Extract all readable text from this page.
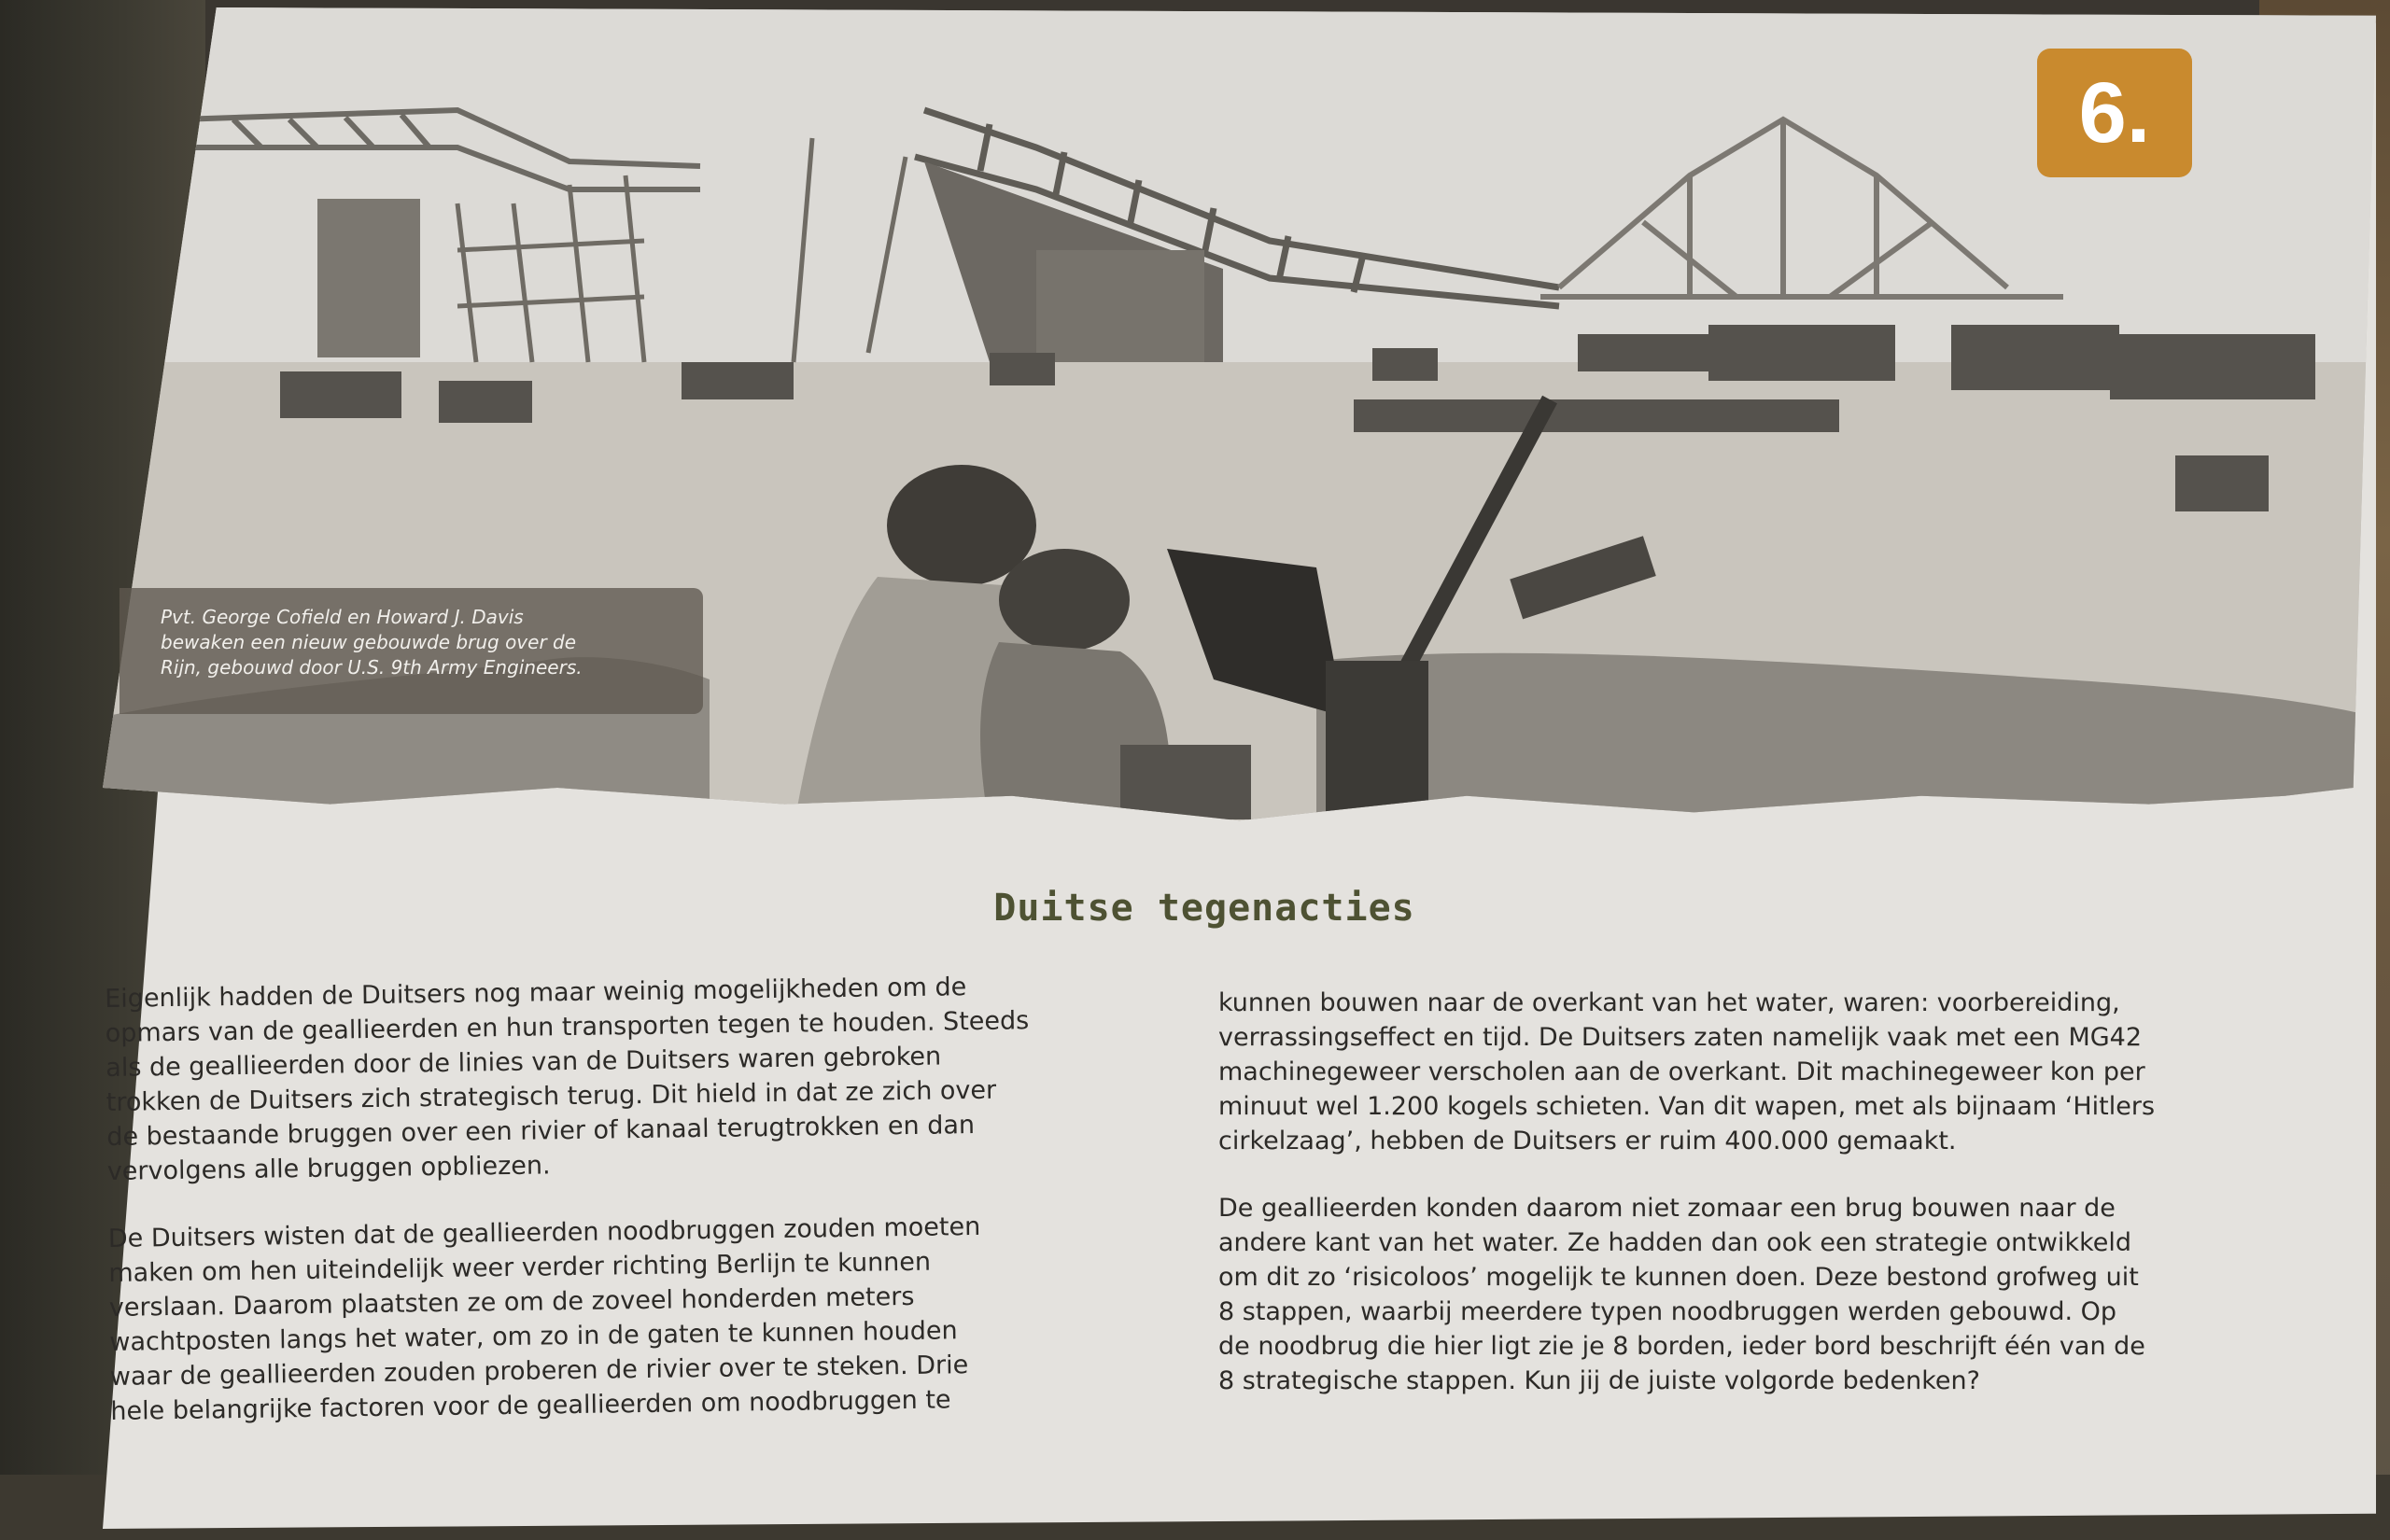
6.
Pvt. George Cofield en Howard J. Davis
bewaken een nieuw gebouwde brug over de
Rijn, gebouwd door U.S. 9th Army Engineers.
Duitse tegenacties

Eigenlijk hadden de Duitsers nog maar weinig mogelijkheden om de
opmars van de geallieerden en hun transporten tegen te houden. Steeds
als de geallieerden door de linies van de Duitsers waren gebroken
trokken de Duitsers zich strategisch terug. Dit hield in dat ze zich over
de bestaande bruggen over een rivier of kanaal terugtrokken en dan
vervolgens alle bruggen opbliezen.

De Duitsers wisten dat de geallieerden noodbruggen zouden moeten
maken om hen uiteindelijk weer verder richting Berlijn te kunnen
verslaan. Daarom plaatsten ze om de zoveel honderden meters
wachtposten langs het water, om zo in de gaten te kunnen houden
waar de geallieerden zouden proberen de rivier over te steken. Drie
hele belangrijke factoren voor de geallieerden om noodbruggen te

kunnen bouwen naar de overkant van het water, waren: voorbereiding,
verrassingseffect en tijd. De Duitsers zaten namelijk vaak met een MG42
machinegeweer verscholen aan de overkant. Dit machinegeweer kon per
minuut wel 1.200 kogels schieten. Van dit wapen, met als bijnaam ‘Hitlers
cirkelzaag’, hebben de Duitsers er ruim 400.000 gemaakt.

De geallieerden konden daarom niet zomaar een brug bouwen naar de
andere kant van het water. Ze hadden dan ook een strategie ontwikkeld
om dit zo ‘risicoloos’ mogelijk te kunnen doen. Deze bestond grofweg uit
8 stappen, waarbij meerdere typen noodbruggen werden gebouwd. Op
de noodbrug die hier ligt zie je 8 borden, ieder bord beschrijft één van de
8 strategische stappen. Kun jij de juiste volgorde bedenken?
